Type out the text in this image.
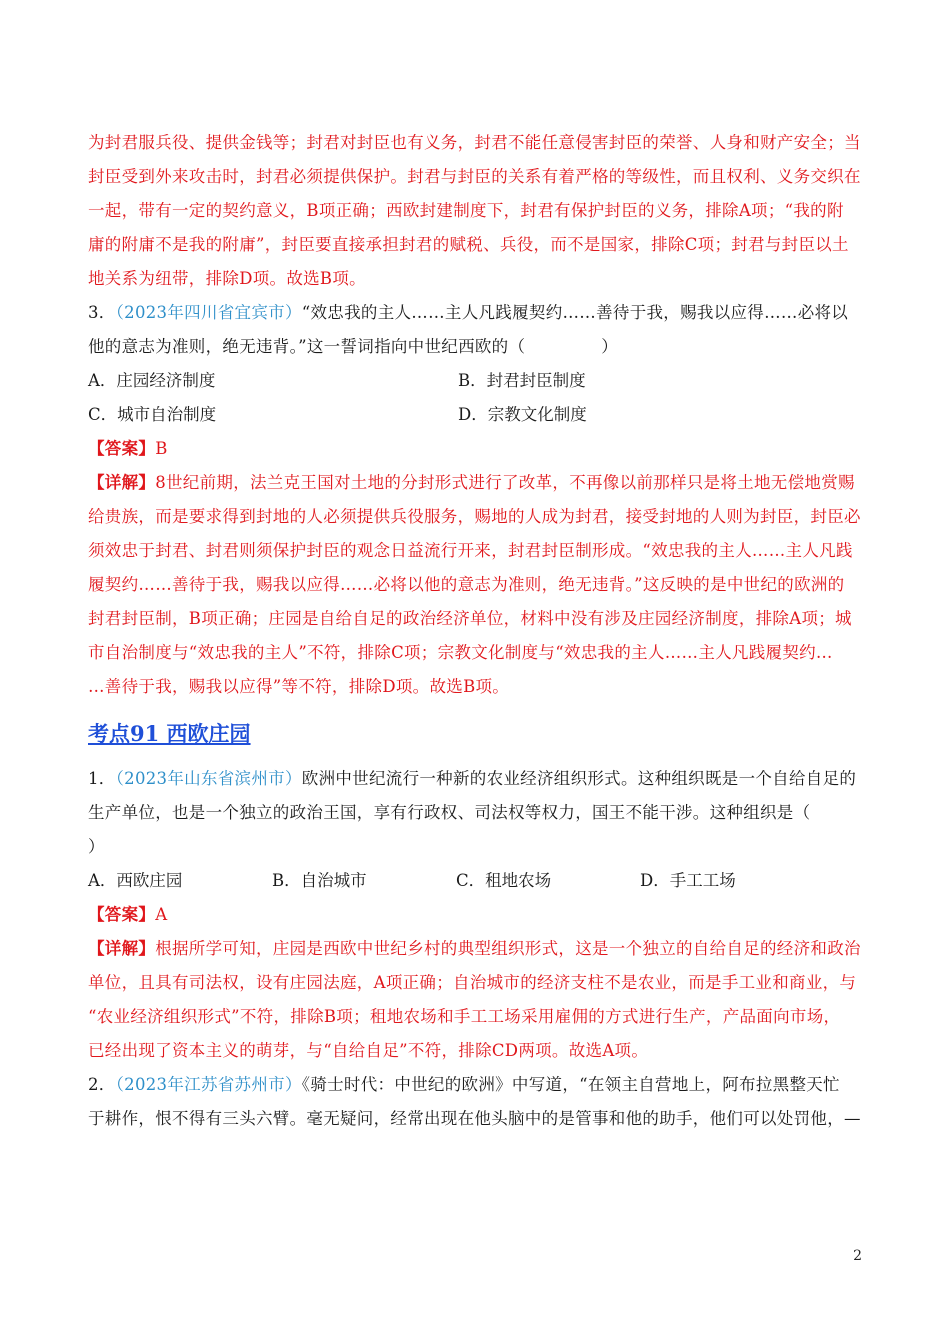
为封君服兵役、提供金钱等；封君对封臣也有义务，封君不能任意侵害封臣的荣誉、人身和财产安全；当
封臣受到外来攻击时，封君必须提供保护。封君与封臣的关系有着严格的等级性，而且权利、义务交织在
一起，带有一定的契约意义，B项正确；西欧封建制度下，封君有保护封臣的义务，排除A项；“我的附
庸的附庸不是我的附庸”，封臣要直接承担封君的赋税、兵役，而不是国家，排除C项；封君与封臣以土
地关系为纽带，排除D项。故选B项。
3．（2023年四川省宜宾市）“效忠我的主人……主人凡践履契约……善待于我，赐我以应得……必将以
他的意志为准则，绝无违背。”这一誓词指向中世纪西欧的（	）
A．庄园经济制度	B．封君封臣制度
C．城市自治制度	D．宗教文化制度
【答案】B
【详解】8世纪前期，法兰克王国对土地的分封形式进行了改革，不再像以前那样只是将土地无偿地赏赐
给贵族，而是要求得到封地的人必须提供兵役服务，赐地的人成为封君，接受封地的人则为封臣，封臣必
须效忠于封君、封君则须保护封臣的观念日益流行开来，封君封臣制形成。“效忠我的主人……主人凡践
履契约……善待于我，赐我以应得……必将以他的意志为准则，绝无违背。”这反映的是中世纪的欧洲的
封君封臣制，B项正确；庄园是自给自足的政治经济单位，材料中没有涉及庄园经济制度，排除A项；城
市自治制度与“效忠我的主人”不符，排除C项；宗教文化制度与“效忠我的主人……主人凡践履契约…
…善待于我，赐我以应得”等不符，排除D项。故选B项。
考点91 西欧庄园
1．（2023年山东省滨州市）欧洲中世纪流行一种新的农业经济组织形式。这种组织既是一个自给自足的
生产单位，也是一个独立的政治王国，享有行政权、司法权等权力，国王不能干涉。这种组织是（
）
A．西欧庄园	B．自治城市	C．租地农场	D．手工工场
【答案】A
【详解】根据所学可知，庄园是西欧中世纪乡村的典型组织形式，这是一个独立的自给自足的经济和政治
单位，且具有司法权，设有庄园法庭，A项正确；自治城市的经济支柱不是农业，而是手工业和商业，与
“农业经济组织形式”不符，排除B项；租地农场和手工工场采用雇佣的方式进行生产，产品面向市场，
已经出现了资本主义的萌芽，与“自给自足”不符，排除CD两项。故选A项。
2．（2023年江苏省苏州市）《骑士时代：中世纪的欧洲》中写道，“在领主自营地上，阿布拉黑整天忙
于耕作，恨不得有三头六臂。毫无疑问，经常出现在他头脑中的是管事和他的助手，他们可以处罚他，—
2
